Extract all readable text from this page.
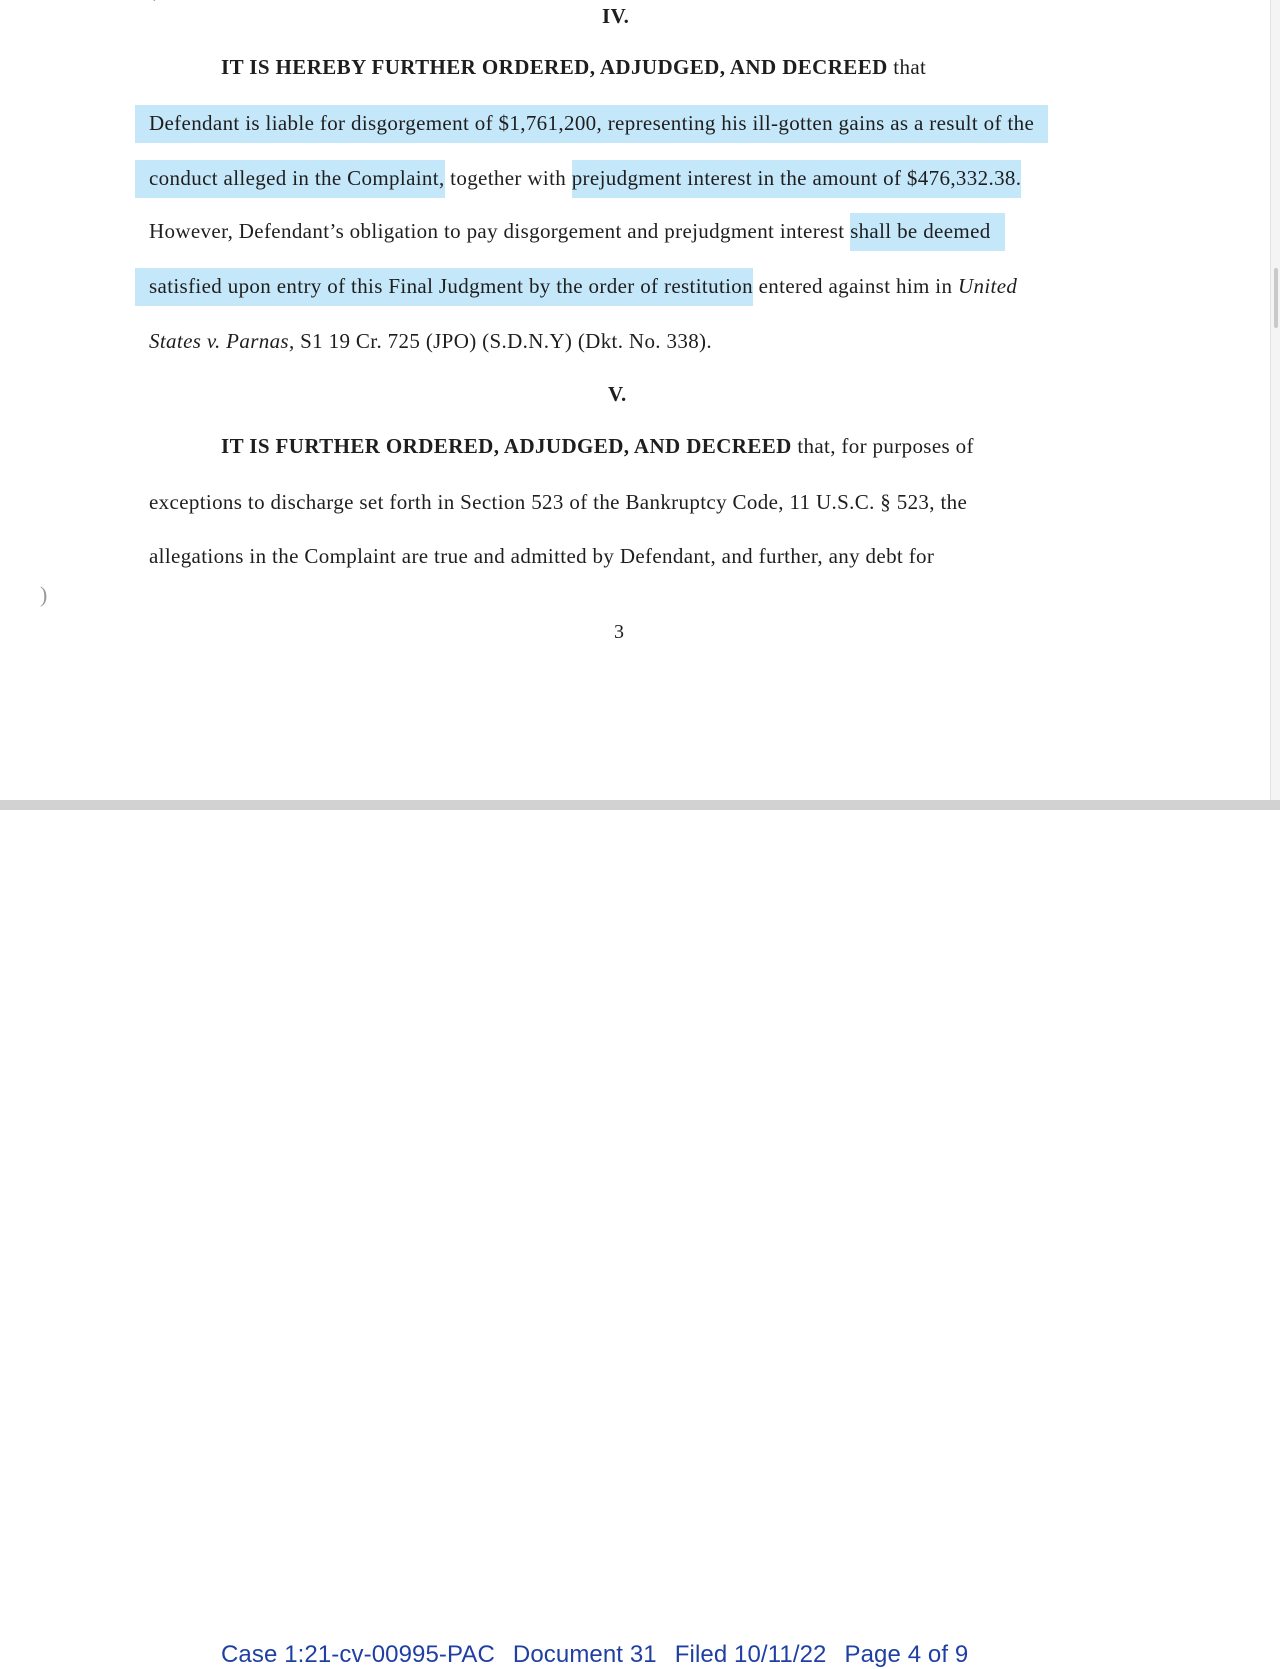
IV.
IT IS HEREBY FURTHER ORDERED, ADJUDGED, AND DECREED that
Defendant is liable for disgorgement of $1,761,200, representing his ill-gotten gains as a result of the
conduct alleged in the Complaint, together with prejudgment interest in the amount of $476,332.38.
However, Defendant’s obligation to pay disgorgement and prejudgment interest shall be deemed
satisfied upon entry of this Final Judgment by the order of restitution entered against him in United
States v. Parnas, S1 19 Cr. 725 (JPO) (S.D.N.Y) (Dkt. No. 338).
V.
IT IS FURTHER ORDERED, ADJUDGED, AND DECREED that, for purposes of
exceptions to discharge set forth in Section 523 of the Bankruptcy Code, 11 U.S.C. § 523, the
allegations in the Complaint are true and admitted by Defendant, and further, any debt for
3
·
)
Case 1:21-cv-00995-PAC Document 31 Filed 10/11/22 Page 4 of 9
